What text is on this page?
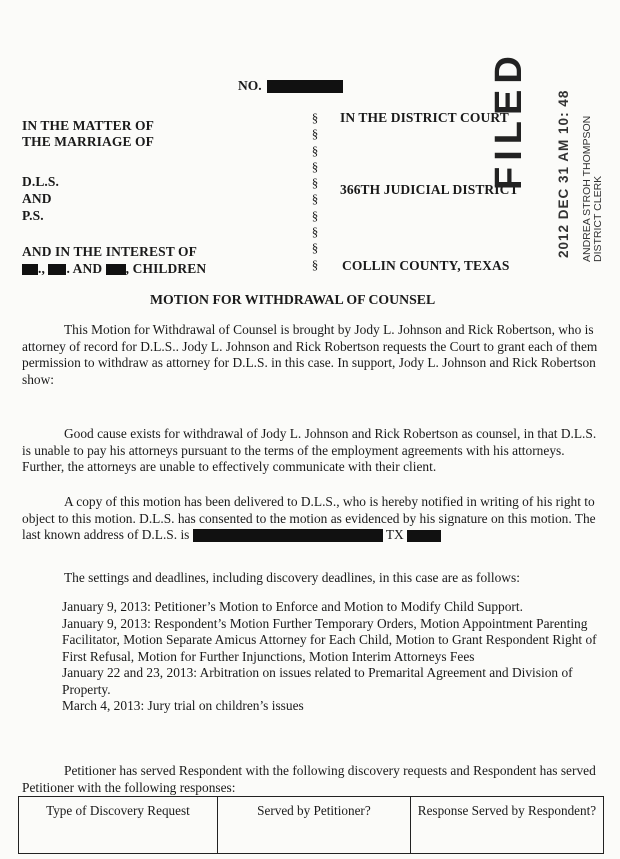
NO.
IN THE MATTER OF
THE MARRIAGE OF
D.L.S.
AND
P.S.
AND IN THE INTEREST OF
., . AND , CHILDREN
§
§
§
§
§
§
§
§
§
§
IN THE DISTRICT COURT
366TH JUDICIAL DISTRICT
COLLIN COUNTY, TEXAS
FILED 2012 DEC 31 AM 10: 48 ANDREA STROH THOMPSON DISTRICT CLERK
MOTION FOR WITHDRAWAL OF COUNSEL

This Motion for Withdrawal of Counsel is brought by Jody L. Johnson and Rick Robertson, who is attorney of record for D.L.S.. Jody L. Johnson and Rick Robertson requests the Court to grant each of them permission to withdraw as attorney for D.L.S. in this case. In support, Jody L. Johnson and Rick Robertson show:

Good cause exists for withdrawal of Jody L. Johnson and Rick Robertson as counsel, in that D.L.S. is unable to pay his attorneys pursuant to the terms of the employment agreements with his attorneys. Further, the attorneys are unable to effectively communicate with their client.

A copy of this motion has been delivered to D.L.S., who is hereby notified in writing of his right to object to this motion. D.L.S. has consented to the motion as evidenced by his signature on this motion. The last known address of D.L.S. is	TX

The settings and deadlines, including discovery deadlines, in this case are as follows:

January 9, 2013: Petitioner’s Motion to Enforce and Motion to Modify Child Support.

January 9, 2013: Respondent’s Motion Further Temporary Orders, Motion Appointment Parenting Facilitator, Motion Separate Amicus Attorney for Each Child, Motion to Grant Respondent Right of First Refusal, Motion for Further Injunctions, Motion Interim Attorneys Fees

January 22 and 23, 2013: Arbitration on issues related to Premarital Agreement and Division of Property.

March 4, 2013: Jury trial on children’s issues

Petitioner has served Respondent with the following discovery requests and Respondent has served Petitioner with the following responses:

Type of Discovery Request	Served by Petitioner?	Response Served by Respondent?
